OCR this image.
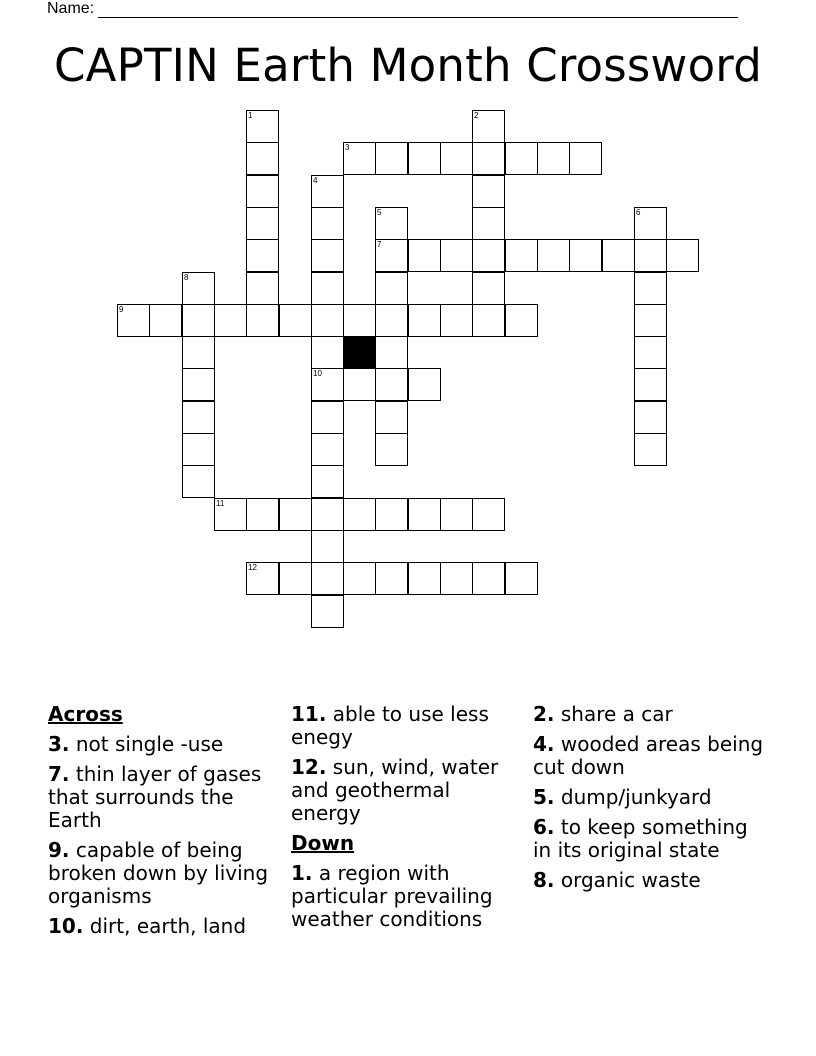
Name:
CAPTIN Earth Month Crossword
1	2
3
4
10
5
7
6
8
9
11
12
Across
3. not single -use
7. thin layer of gases that surrounds the Earth
9. capable of being broken down by living organisms
10. dirt, earth, land
11. able to use less enegy
12. sun, wind, water and geothermal energy
Down
1. a region with particular prevailing weather conditions
2. share a car
4. wooded areas being cut down
5. dump/junkyard
6. to keep something in its original state
8. organic waste
